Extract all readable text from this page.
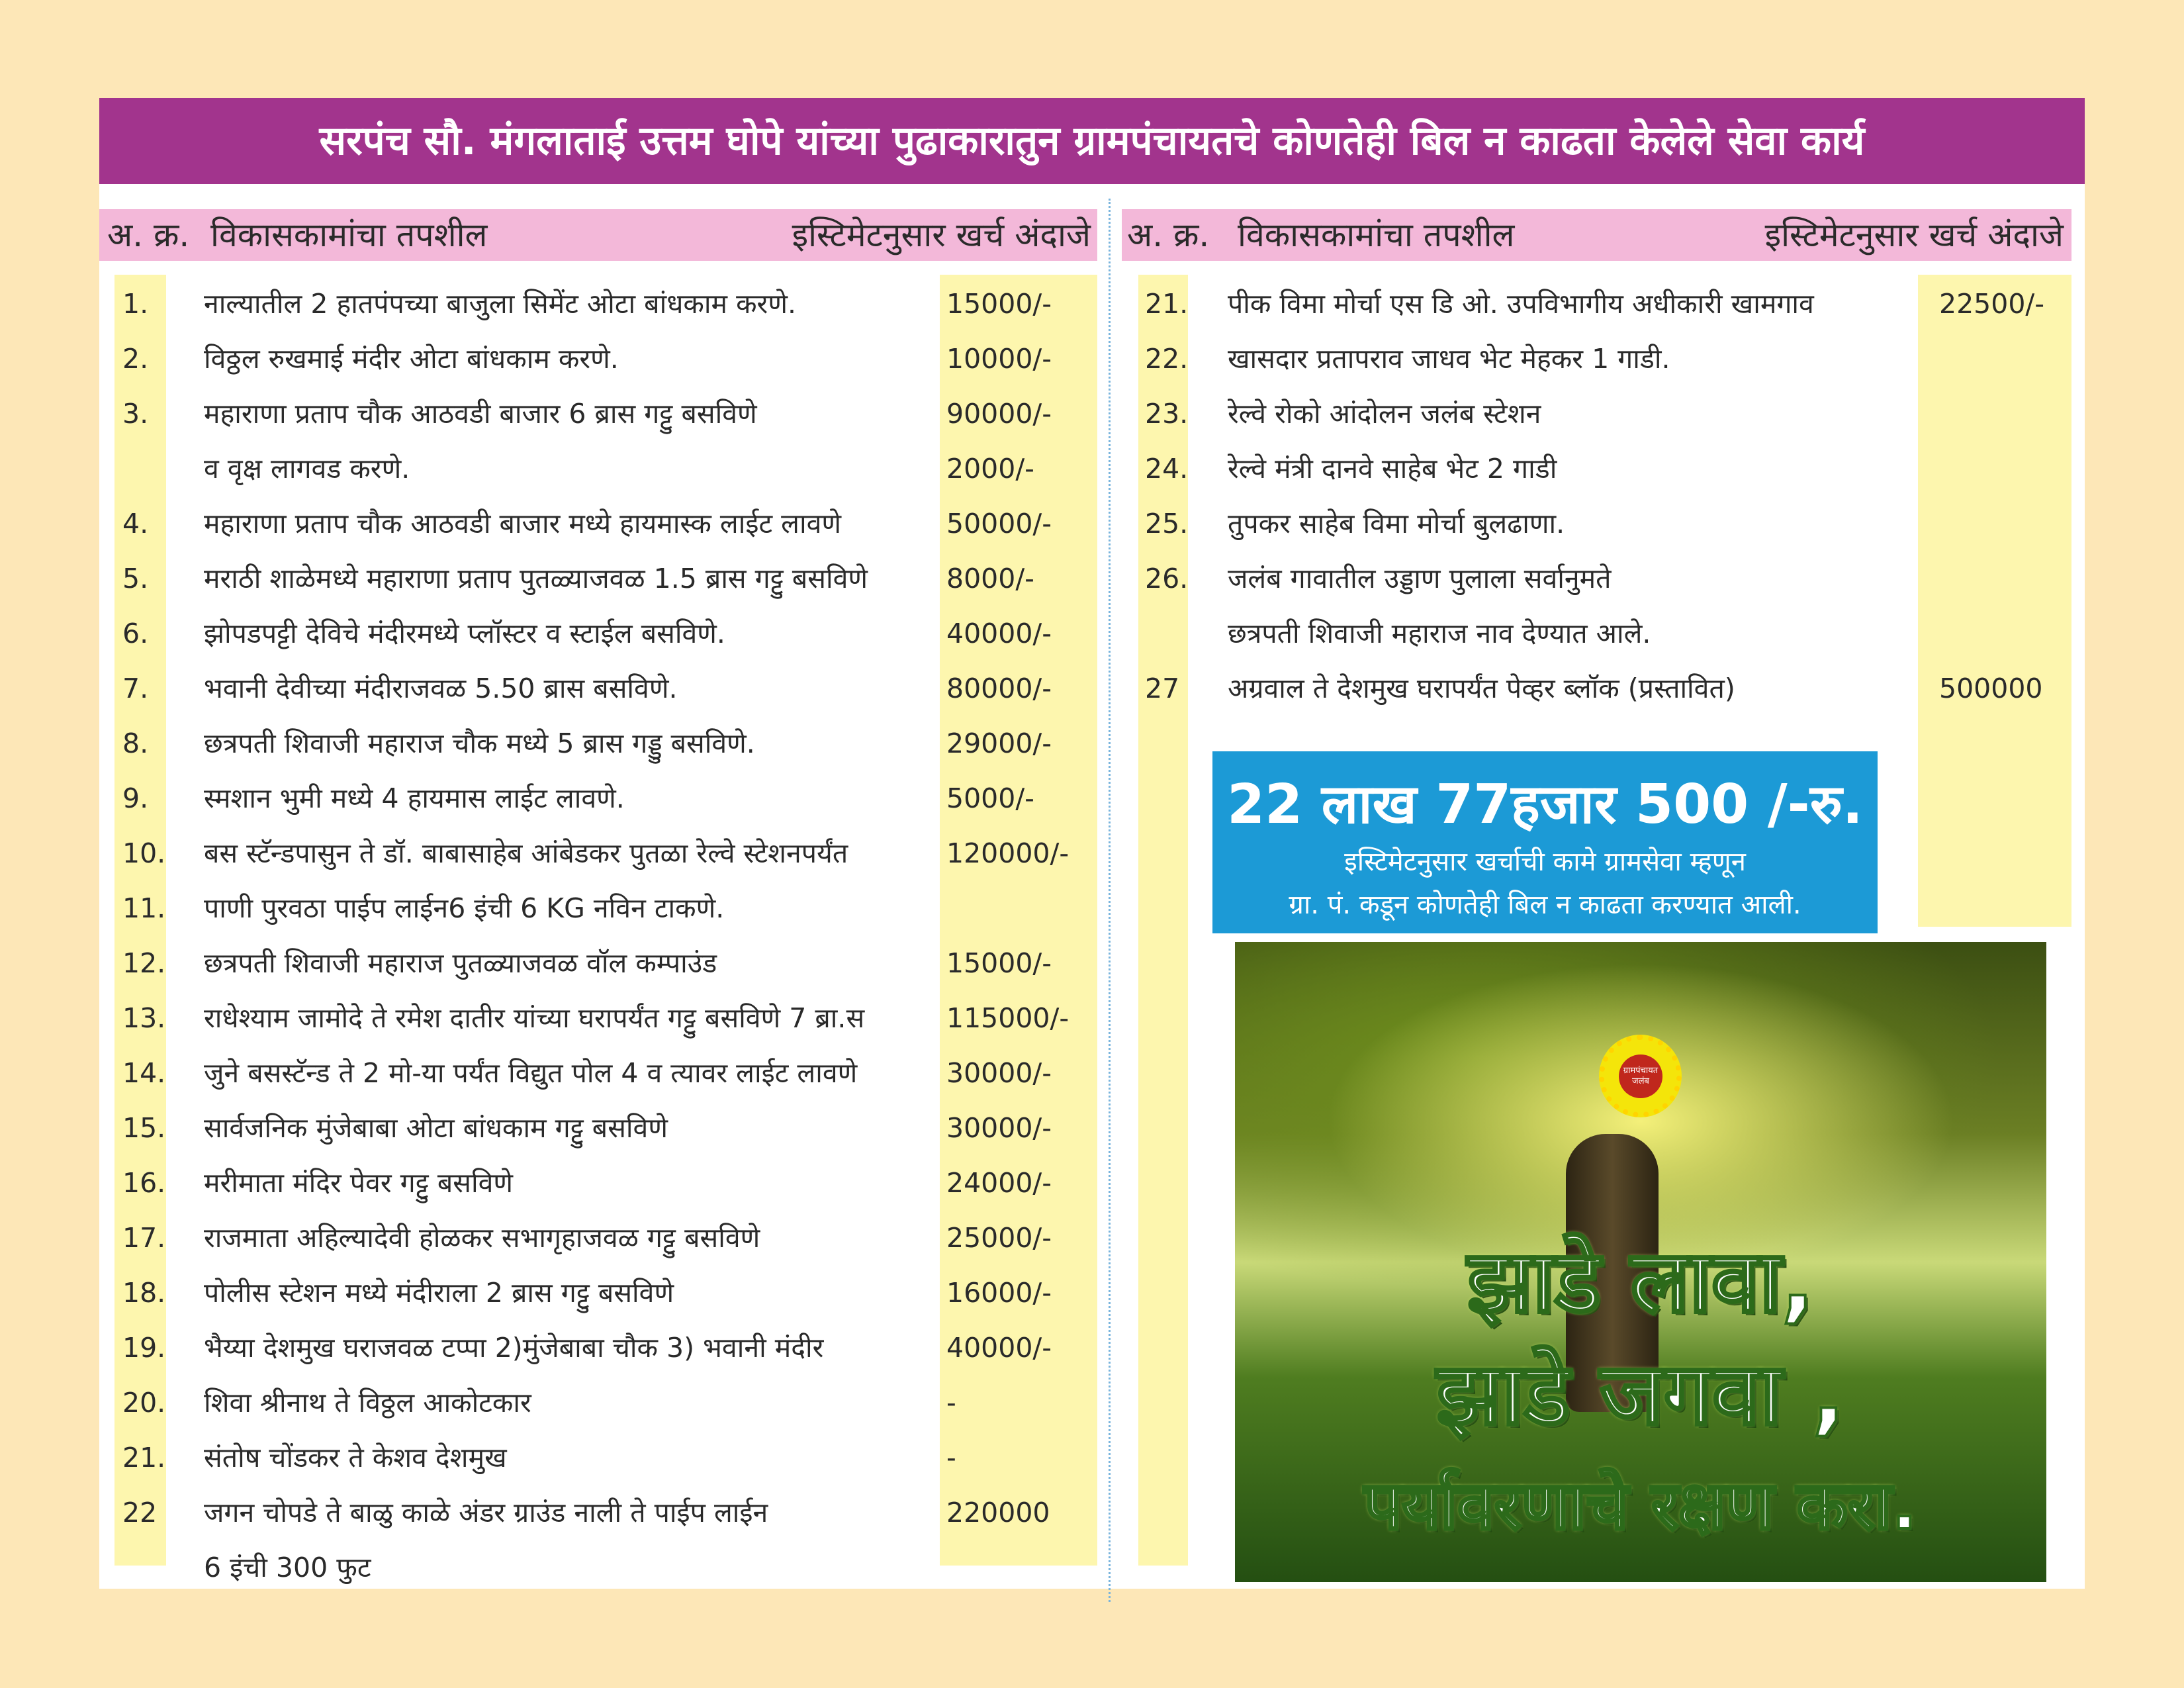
सरपंच सौ. मंगलाताई उत्तम घोपे यांच्या पुढाकारातुन ग्रामपंचायतचे कोणतेही बिल न काढता केलेले सेवा कार्य
अ. क्र. विकासकामांचा तपशील	इस्टिमेटनुसार खर्च अंदाजे अ. क्र. विकासकामांचा तपशील	इस्टिमेटनुसार खर्च अंदाजे
1. नाल्यातील 2 हातपंपच्या बाजुला सिमेंट ओटा बांधकाम करणे.	15000/-
2. विठ्ठल रुखमाई मंदीर ओटा बांधकाम करणे.	10000/-
3. महाराणा प्रताप चौक आठवडी बाजार 6 ब्रास गट्टु बसविणे	90000/-
व वृक्ष लागवड करणे.	2000/-
4. महाराणा प्रताप चौक आठवडी बाजार मध्ये हायमास्क लाईट लावणे	50000/-
5. मराठी शाळेमध्ये महाराणा प्रताप पुतळ्याजवळ 1.5 ब्रास गट्टु बसविणे	8000/-
6. झोपडपट्टी देविचे मंदीरमध्ये प्लॉस्टर व स्टाईल बसविणे.	40000/-
7. भवानी देवीच्या मंदीराजवळ 5.50 ब्रास बसविणे.	80000/-
8. छत्रपती शिवाजी महाराज चौक मध्ये 5 ब्रास गड्डु बसविणे.	29000/-
9. स्मशान भुमी मध्ये 4 हायमास लाईट लावणे.	5000/-
10. बस स्टॅन्डपासुन ते डॉ. बाबासाहेब आंबेडकर पुतळा रेल्वे स्टेशनपर्यंत	120000/-
11. पाणी पुरवठा पाईप लाईन6 इंची 6 KG नविन टाकणे.
12. छत्रपती शिवाजी महाराज पुतळ्याजवळ वॉल कम्पाउंड	15000/-
13. राधेश्याम जामोदे ते रमेश दातीर यांच्या घरापर्यंत गट्टु बसविणे 7 ब्रा.स	115000/-
14. जुने बसस्टॅन्ड ते 2 मो-या पर्यंत विद्युत पोल 4 व त्यावर लाईट लावणे	30000/-
15. सार्वजनिक मुंजेबाबा ओटा बांधकाम गट्टु बसविणे	30000/-
16. मरीमाता मंदिर पेवर गट्टु बसविणे	24000/-
17. राजमाता अहिल्यादेवी होळकर सभागृहाजवळ गट्टु बसविणे	25000/-
18. पोलीस स्टेशन मध्ये मंदीराला 2 ब्रास गट्टु बसविणे	16000/-
19. भैय्या देशमुख घराजवळ टप्पा 2)मुंजेबाबा चौक 3) भवानी मंदीर	40000/-
20. शिवा श्रीनाथ ते विठ्ठल आकोटकार	-
21. संतोष चोंडकर ते केशव देशमुख	-
22 जगन चोपडे ते बाळु काळे अंडर ग्राउंड नाली ते पाईप लाईन	220000
6 इंची 300 फुट
21. पीक विमा मोर्चा एस डि ओ. उपविभागीय अधीकारी खामगाव	22500/-
22. खासदार प्रतापराव जाधव भेट मेहकर 1 गाडी.
23. रेल्वे रोको आंदोलन जलंब स्टेशन
24. रेल्वे मंत्री दानवे साहेब भेट 2 गाडी
25. तुपकर साहेब विमा मोर्चा बुलढाणा.
26. जलंब गावातील उड्डाण पुलाला सर्वानुमते
छत्रपती शिवाजी महाराज नाव देण्यात आले.
27 अग्रवाल ते देशमुख घरापर्यंत पेव्हर ब्लॉक (प्रस्तावित)	500000
22 लाख 77हजार 500 /-रु.
इस्टिमेटनुसार खर्चाची कामे ग्रामसेवा म्हणून
ग्रा. पं. कडून कोणतेही बिल न काढता करण्यात आली.
ग्रामपंचायत
जलंब
झाडे लावा,
झाडे जगवा ,
पर्यावरणाचे रक्षण करा.
